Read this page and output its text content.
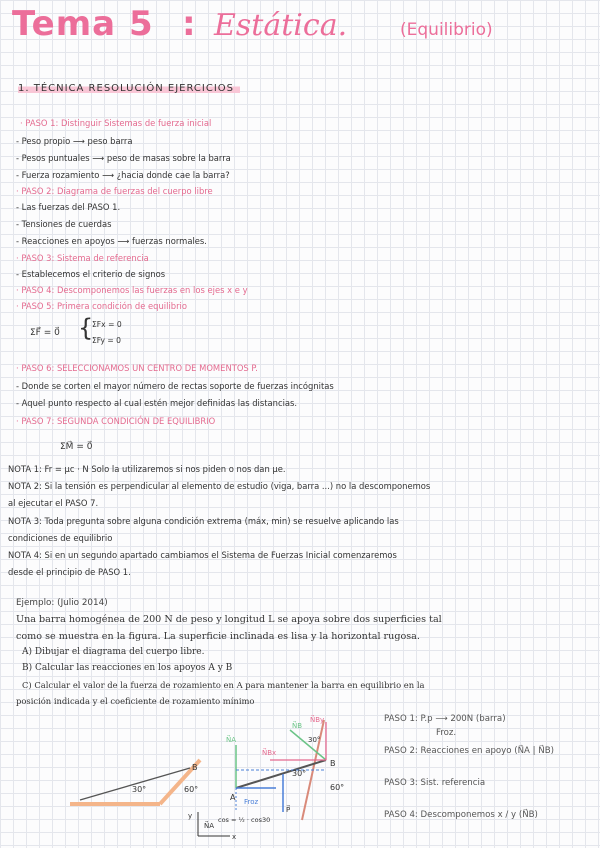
Tema 5 : Estática.	(Equilibrio)
1. TÉCNICA RESOLUCIÓN EJERCICIOS
· PASO 1: Distinguir Sistemas de fuerza inicial
- Peso propio ⟶ peso barra
- Pesos puntuales ⟶ peso de masas sobre la barra
- Fuerza rozamiento ⟶ ¿hacia donde cae la barra?
· PASO 2: Diagrama de fuerzas del cuerpo libre
- Las fuerzas del PASO 1.
- Tensiones de cuerdas
- Reacciones en apoyos ⟶ fuerzas normales.
· PASO 3: Sistema de referencia
- Establecemos el criterio de signos
· PASO 4: Descomponemos las fuerzas en los ejes x e y
· PASO 5: Primera condición de equilibrio
ΣF⃗ = 0⃗ {
ΣFx = 0
ΣFy = 0
· PASO 6: SELECCIONAMOS UN CENTRO DE MOMENTOS P.
- Donde se corten el mayor número de rectas soporte de fuerzas incógnitas
- Aquel punto respecto al cual estén mejor definidas las distancias.
· PASO 7: SEGUNDA CONDICIÓN DE EQUILIBRIO
ΣM⃗ = 0⃗
NOTA 1: Fr = μc · N Solo la utilizaremos si nos piden o nos dan μe.
NOTA 2: Si la tensión es perpendicular al elemento de estudio (viga, barra ...) no la descomponemos
al ejecutar el PASO 7.
NOTA 3: Toda pregunta sobre alguna condición extrema (máx, min) se resuelve aplicando las
condiciones de equilibrio
NOTA 4: Si en un segundo apartado cambiamos el Sistema de Fuerzas Inicial comenzaremos
desde el principio de PASO 1.
Ejemplo: (Julio 2014)
Una barra homogénea de 200 N de peso y longitud L se apoya sobre dos superficies tal
como se muestra en la figura. La superficie inclinada es lisa y la horizontal rugosa.
A) Dibujar el diagrama del cuerpo libre.
B) Calcular las reacciones en los apoyos A y B
C) Calcular el valor de la fuerza de rozamiento en A para mantener la barra en equilibrio en la
posición indicada y el coeficiente de rozamiento mínimo
PASO 1: P.p ⟶ 200N (barra)
Froz.
PASO 2: Reacciones en apoyo (N⃗A | N⃗B)
PASO 3: Sist. referencia
PASO 4: Descomponemos x / y (N⃗B)
30°	60°
B	B
A
30°
60°
30°
N⃗B
N⃗Bx
N⃗By
N⃗A
Froz
P⃗
cos = ½ · cos30
x
y
N⃗A
